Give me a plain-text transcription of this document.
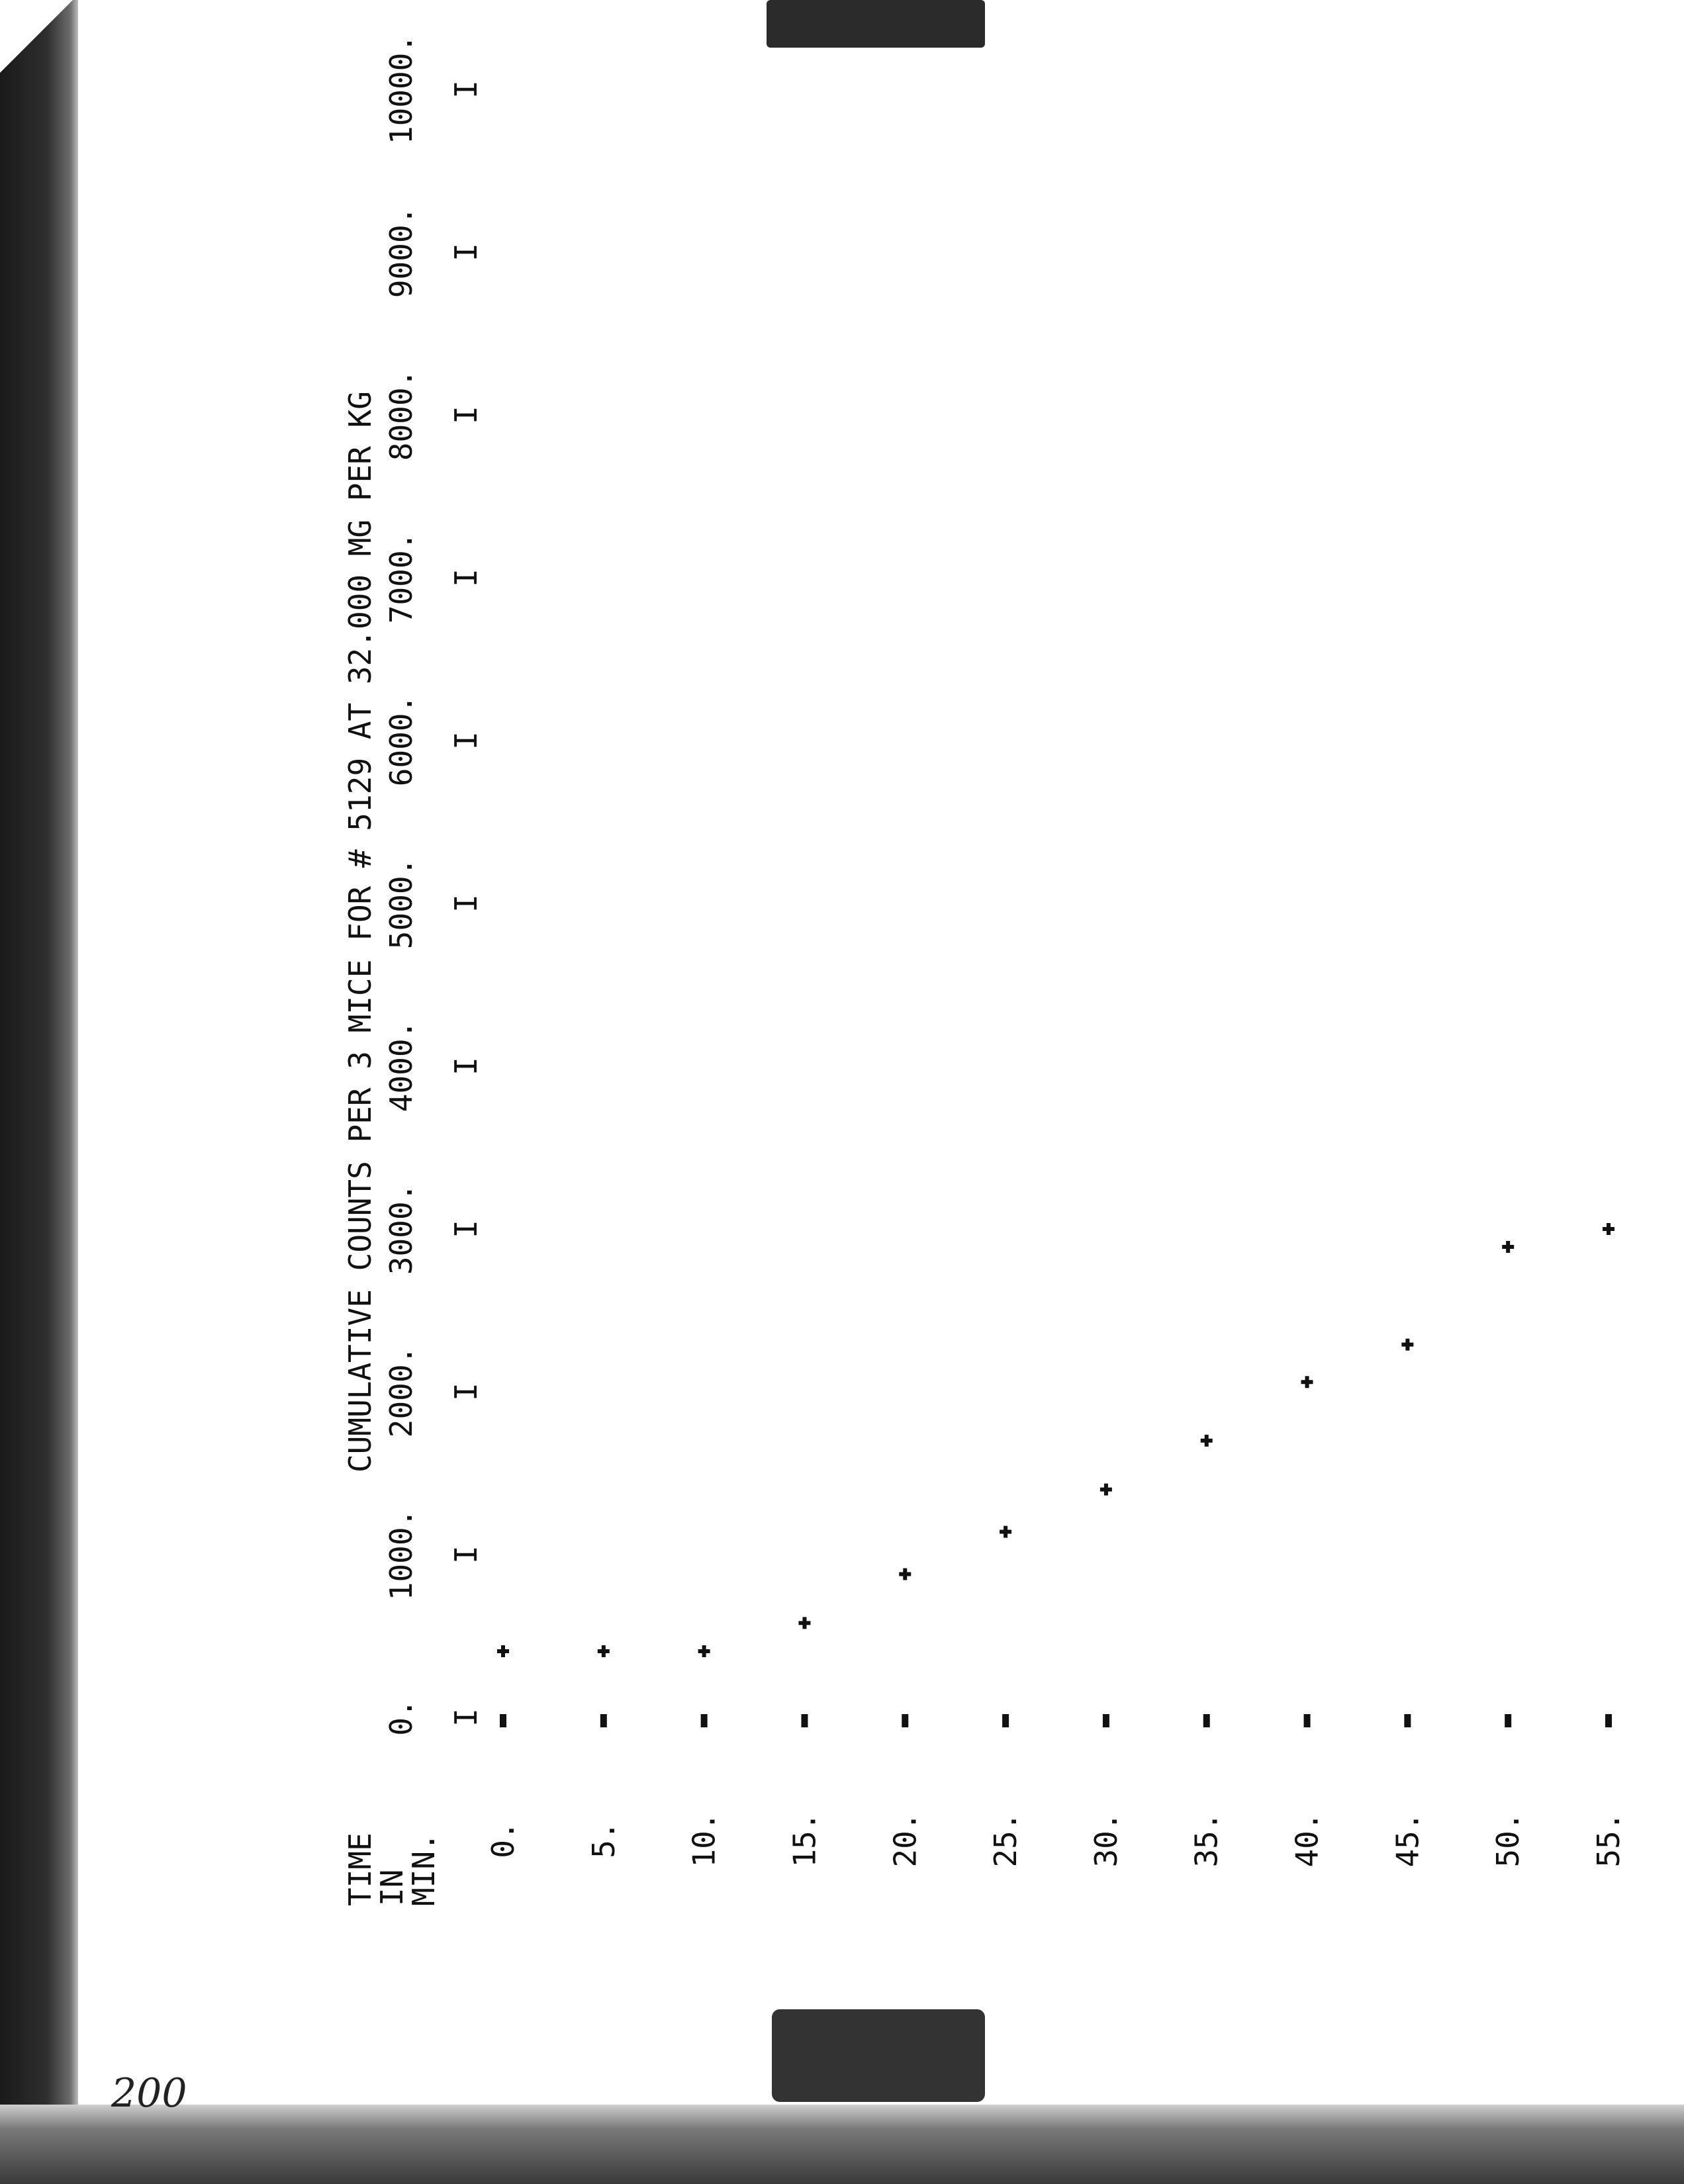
200
CUMULATIVE COUNTS PER 3 MICE FOR # 5129 AT 32.000 MG PER KG
TIME
IN
MIN.
0. I
1000. I
2000. I
3000. I
4000. I
5000. I
6000. I
7000. I
8000. I
9000. I
10000. I
0. 5. 10. 15. 20. 25. 30. 35. 40. 45. 50. 55.
